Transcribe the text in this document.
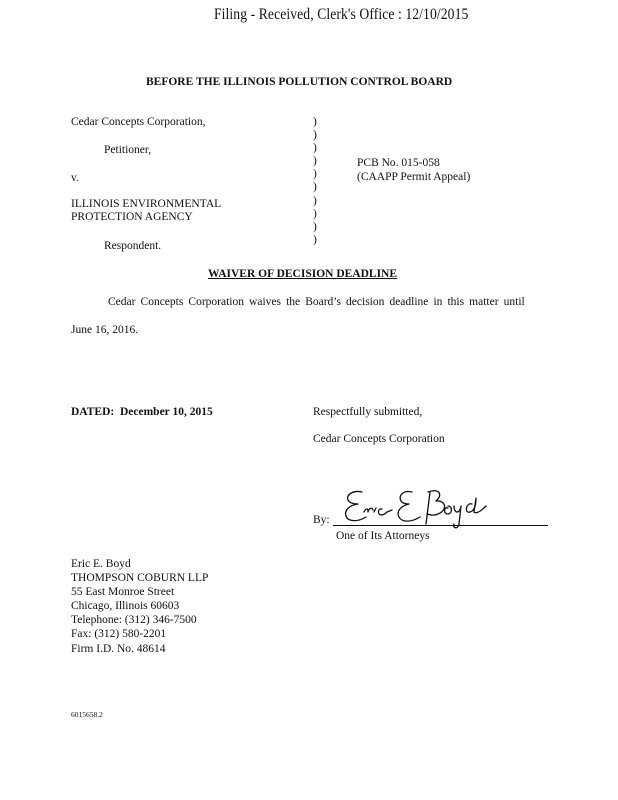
Filing - Received, Clerk's Office : 12/10/2015
BEFORE THE ILLINOIS POLLUTION CONTROL BOARD
Cedar Concepts Corporation,
Petitioner,
v.
ILLINOIS ENVIRONMENTAL
PROTECTION AGENCY
Respondent.
)
)
)
)
)
)
)
)
)
)
PCB No. 015-058
(CAAPP Permit Appeal)
WAIVER OF DECISION DEADLINE
Cedar Concepts Corporation waives the Board’s decision deadline in this matter until
June 16, 2016.
DATED: December 10, 2015	Respectfully submitted,
Cedar Concepts Corporation
By:
One of Its Attorneys
Eric E. Boyd
THOMPSON COBURN LLP
55 East Monroe Street
Chicago, Illinois 60603
Telephone: (312) 346-7500
Fax: (312) 580-2201
Firm I.D. No. 48614
6015658.2
